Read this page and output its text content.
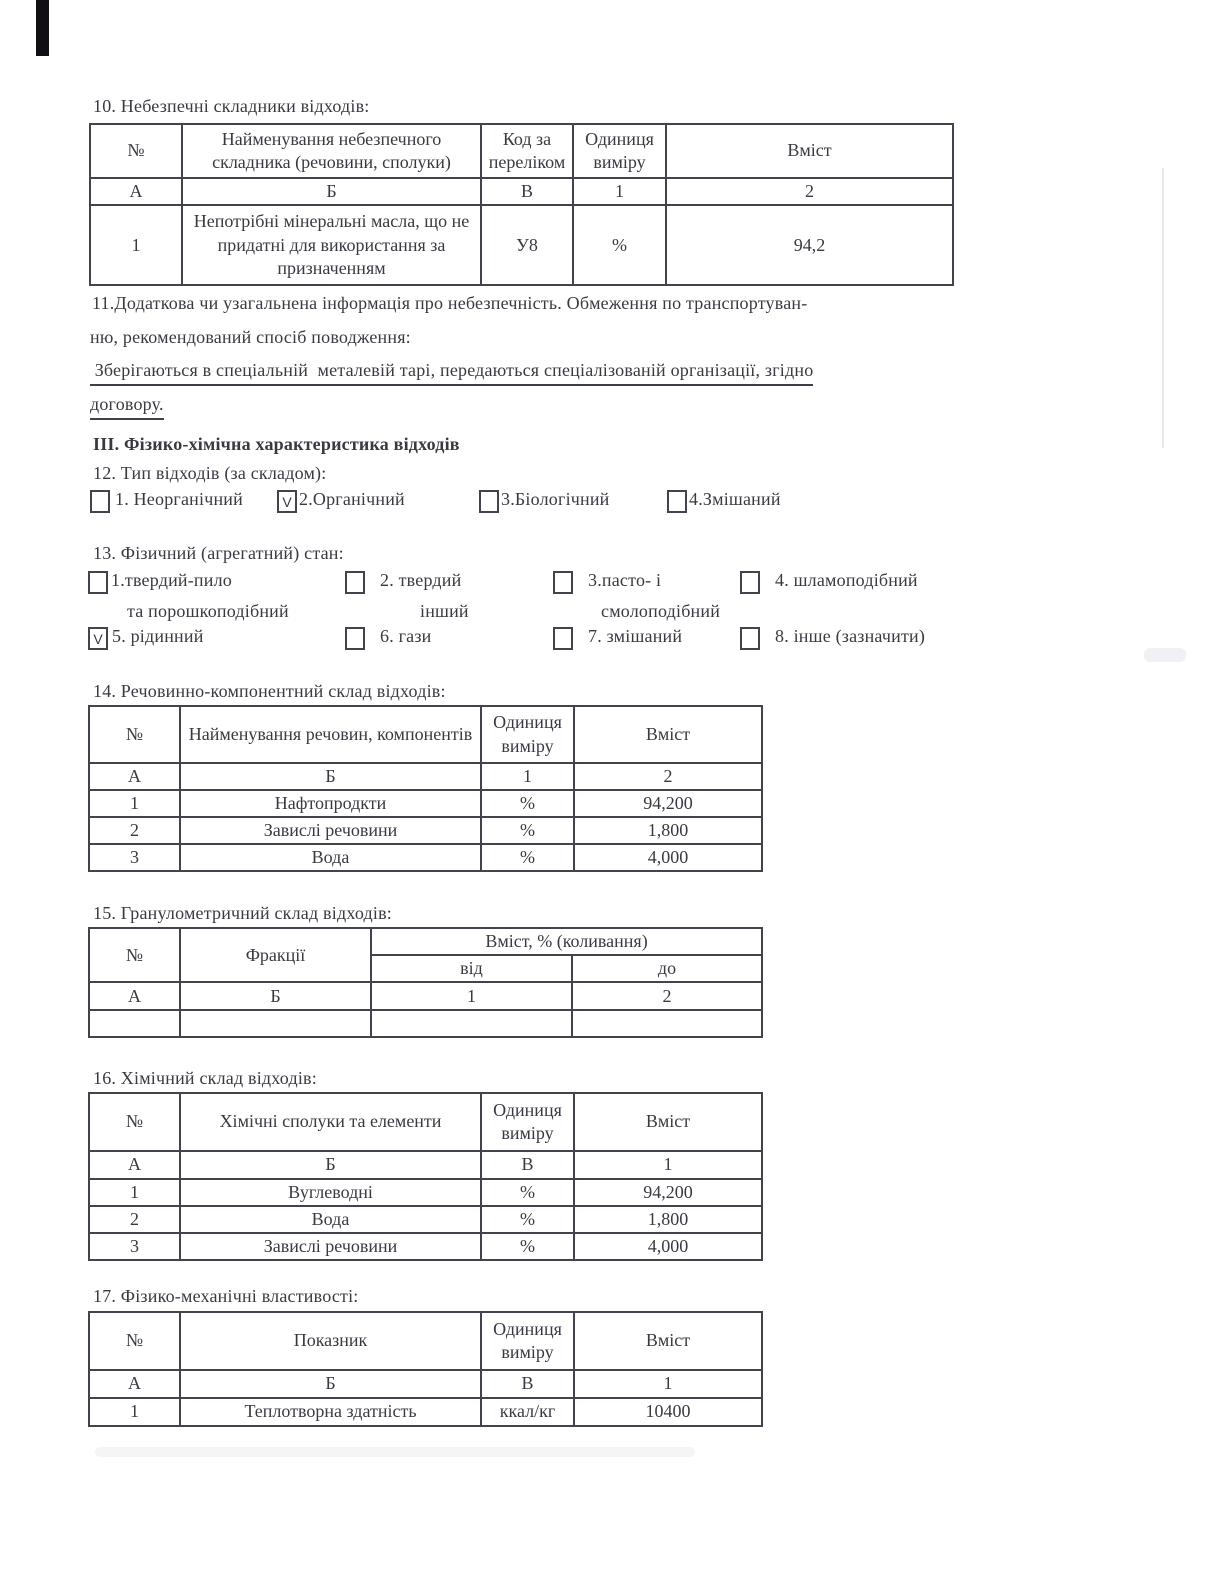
10. Небезпечні складники відходів:
№	Найменування небезпечного складника (речовини, сполуки)	Код за переліком	Одиниця виміру	Вміст
А	Б	В	1	2
1	Непотрібні мінеральні масла, що не придатні для використання за призначенням	У8	%	94,2
11.Додаткова чи узагальнена інформація про небезпечність. Обмеження по транспортуван-
ню, рекомендований спосіб поводження:
Зберігаються в спеціальній  металевій тарі, передаються спеціалізованій організації, згідно
договору.
ІІІ. Фізико-хімічна характеристика відходів
12. Тип відходів (за складом):
1. Неорганічний	V 2.Органічний	3.Біологічний	4.Змішаний
13. Фізичний (агрегатний) стан:
1.твердий-пило	2. твердий	3.пасто- і	4. шламоподібний
та порошкоподібний	інший	смолоподібний
V 5. рідинний	6. гази	7. змішаний	8. інше (зазначити)
14. Речовинно-компонентний склад відходів:
№	Найменування речовин, компонентів	Одиниця виміру	Вміст
А	Б	1	2
1	Нафтопродкти	%	94,200
2	Завислі речовини	%	1,800
3	Вода	%	4,000
15. Гранулометричний склад відходів:
№	Фракції	Вміст, % (коливання)	
		від	до
А	Б	1	2

16. Хімічний склад відходів:
№	Хімічні сполуки та елементи	Одиниця виміру	Вміст
А	Б	В	1
1	Вуглеводні	%	94,200
2	Вода	%	1,800
3	Завислі речовини	%	4,000
17. Фізико-механічні властивості:
№	Показник	Одиниця виміру	Вміст
А	Б	В	1
1	Теплотворна здатність	ккал/кг	10400
